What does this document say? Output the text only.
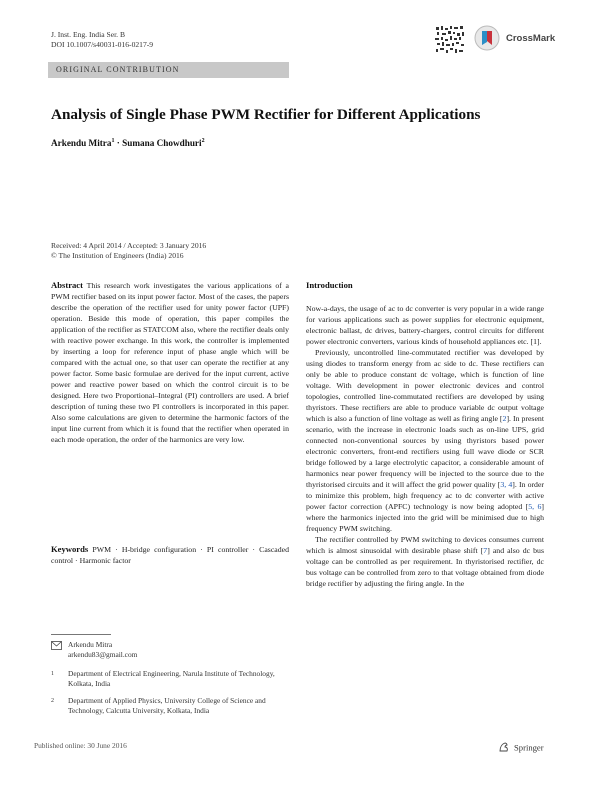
J. Inst. Eng. India Ser. B
DOI 10.1007/s40031-016-0217-9
ORIGINAL CONTRIBUTION
CrossMark
Analysis of Single Phase PWM Rectifier for Different Applications
Arkendu Mitra$^1$ · Sumana Chowdhuri$^2$
Received: 4 April 2014 / Accepted: 3 January 2016
© The Institution of Engineers (India) 2016
Abstract This research work investigates the various applications of a PWM rectifier based on its input power factor. Most of the cases, the papers describe the operation of the rectifier used for unity power factor (UPF) operation. Beside this mode of operation, this paper compiles the application of the rectifier as STATCOM also, where the rectifier deals only with reactive power exchange. In this work, the controller is implemented by inserting a loop for reference input of phase angle which will be compared with the actual one, so that user can operate the rectifier at any power factor. Some basic formulae are derived for the input current, active power and reactive power based on which the control circuit is to be designed. Here two Proportional–Integral (PI) controllers are used. A brief description of tuning these two PI controllers is incorporated in this paper. Also some calculations are given to determine the harmonic factors of the input line current from which it is found that the rectifier when operated in each mode operation, the order of the harmonics are very low.
Keywords PWM · H-bridge configuration · PI controller · Cascaded control · Harmonic factor
Arkendu Mitra
arkendu83@gmail.com
1	Department of Electrical Engineering, Narula Institute of Technology, Kolkata, India
2	Department of Applied Physics, University College of Science and Technology, Calcutta University, Kolkata, India
Introduction

Now-a-days, the usage of ac to dc converter is very popular in a wide range for various applications such as power supplies for electronic equipment, electronic ballast, dc drives, battery-chargers, control circuits for different power electronic converters, various kinds of household appliances etc. [1].

Previously, uncontrolled line-commutated rectifier was developed by using diodes to transform energy from ac side to dc. These rectifiers can only be able to produce constant dc voltage, which is function of line voltage. With development in power electronic devices and control topologies, controlled line-commutated rectifiers are developed by using thyristors. These rectifiers are able to produce variable dc output voltage which is also a function of line voltage as well as firing angle [2]. In present scenario, with the increase in electronic loads such as on-line UPS, grid connected non-conventional sources by using thyristors based power electronic converters, front-end rectifiers using full wave diode or SCR bridge followed by a large electrolytic capacitor, a considerable amount of harmonics near power frequency will be injected to the source due to the thyristorised circuits and it will affect the grid power quality [3, 4]. In order to minimize this problem, high frequency ac to dc converter with active power factor correction (APFC) technology is now being adopted [5, 6] where the harmonics injected into the grid will be minimised due to high frequency PWM switching.

The rectifier controlled by PWM switching to devices consumes current which is almost sinusoidal with desirable phase shift [7] and also dc bus voltage can be controlled as per requirement. In thyristorised rectifier, dc bus voltage can be controlled from zero to that voltage obtained from diode bridge rectifier by adjusting the firing angle. In the

Published online: 30 June 2016	Springer
